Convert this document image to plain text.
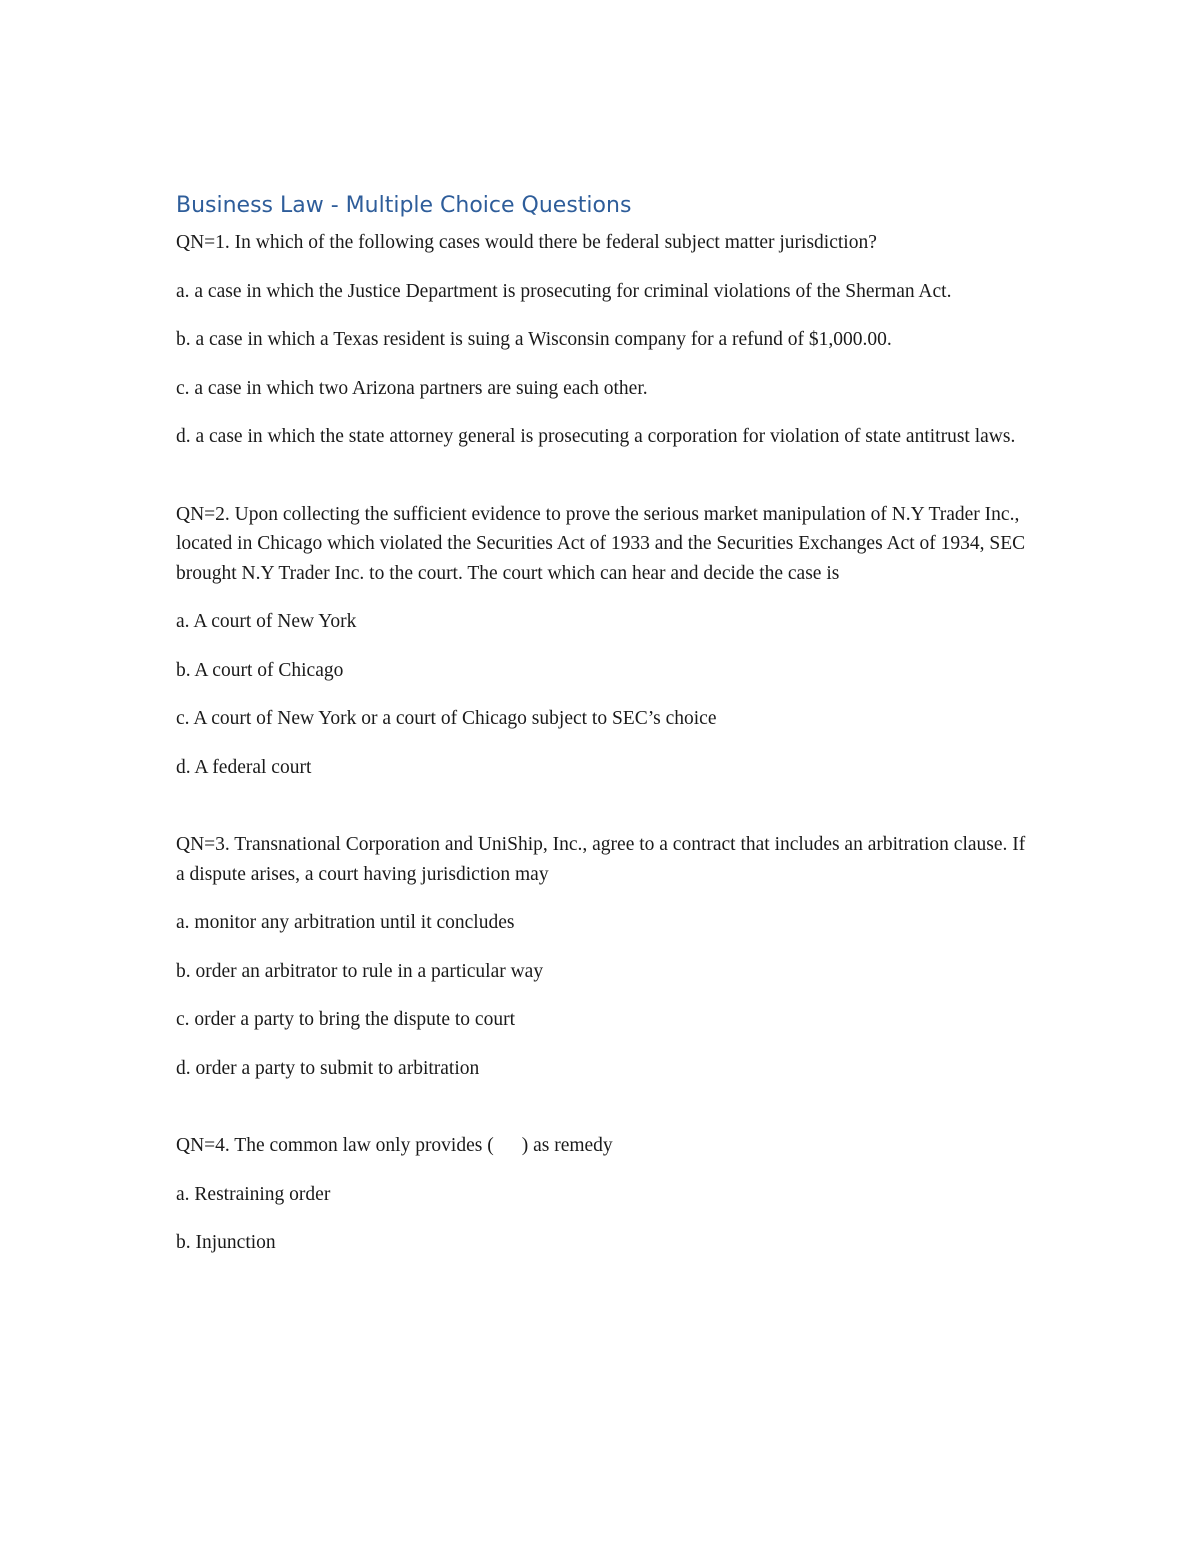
Business Law - Multiple Choice Questions

QN=1. In which of the following cases would there be federal subject matter jurisdiction?

a. a case in which the Justice Department is prosecuting for criminal violations of the Sherman Act.

b. a case in which a Texas resident is suing a Wisconsin company for a refund of $1,000.00.

c. a case in which two Arizona partners are suing each other.

d. a case in which the state attorney general is prosecuting a corporation for violation of state antitrust laws.

QN=2. Upon collecting the sufficient evidence to prove the serious market manipulation of N.Y Trader Inc., located in Chicago which violated the Securities Act of 1933 and the Securities Exchanges Act of 1934, SEC brought N.Y Trader Inc. to the court. The court which can hear and decide the case is

a. A court of New York

b. A court of Chicago

c. A court of New York or a court of Chicago subject to SEC’s choice

d. A federal court

QN=3. Transnational Corporation and UniShip, Inc., agree to a contract that includes an arbitration clause. If a dispute arises, a court having jurisdiction may

a. monitor any arbitration until it concludes

b. order an arbitrator to rule in a particular way

c. order a party to bring the dispute to court

d. order a party to submit to arbitration

QN=4. The common law only provides ( ) as remedy

a. Restraining order

b. Injunction
